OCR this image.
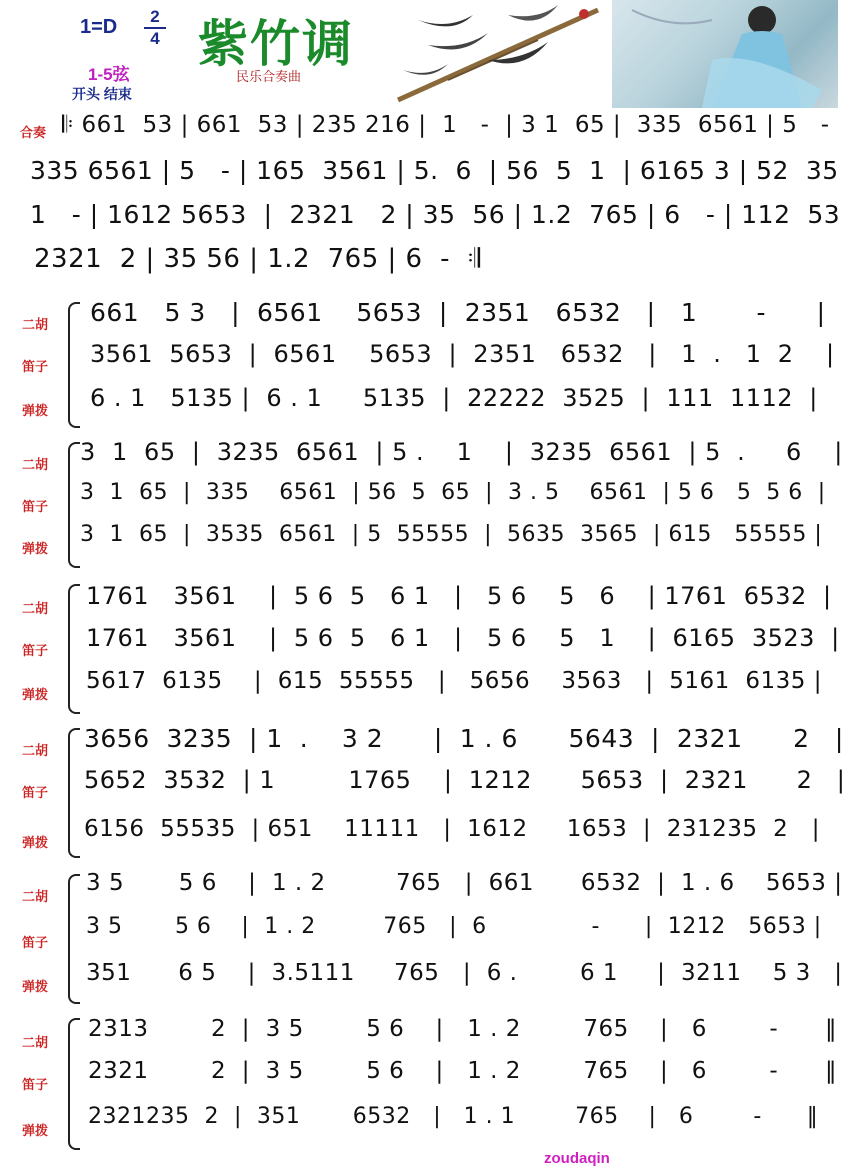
1=D	2
4 紫竹调
1-5弦
开头 结束
民乐合奏曲
合奏 𝄆 661  53 | 661  53 | 235 216 |  1   -  | 3 1  65 |  335  6561 | 5   -
335 6561 | 5   - | 165  3561 | 5.  6  | 56  5  1  | 6165 3 | 52  35
1   - | 1612 5653  |  2321   2 | 35  56 | 1.2  765 | 6   - | 112  53
2321  2 | 35 56 | 1.2  765 | 6  -  𝄇
二胡 661   5 3   |  6561    5653  |  2351   6532   |   1       -      |
笛子 3561  5653  |  6561    5653  |  2351   6532   |   1  .   1  2    |
弹拨 6 . 1   5135 |  6 . 1     5135  |  22222  3525  |  111  1112  |
二胡 3  1  65  |  3235  6561  | 5 .    1    |  3235  6561  | 5  .     6    |
笛子
3  1  65  |  335    6561  | 56  5  65  |  3 . 5    6561  | 5 6   5  5 6  |
弹拨
3  1  65  |  3535  6561  | 5  55555  |  5635  3565  | 615   55555 |
二胡 1761   3561    |  5 6  5   6 1   |   5 6    5   6    | 1761  6532  |
笛子 1761   3561    |  5 6  5   6 1   |   5 6    5   1    |  6165  3523  |
弹拨
5617  6135    |  615  55555   |   5656    3563   |  5161  6135 |
二胡 3656  3235  | 1  .    3 2      |  1 . 6      5643  |  2321      2   |
笛子 5652  3532  | 1         1765    |  1212      5653  |  2321      2   |
弹拨
6156  55535  | 651    11111   |  1612     1653  |  231235  2   |
二胡
3 5       5 6    |  1 . 2         765   |  661      6532  |  1 . 6    5653 |
笛子
3 5       5 6    |  1 . 2         765   |  6              -      |  1212   5653 |
弹拨
351      6 5    |  3.5111     765   |  6 .        6 1     |  3211    5 3   |
二胡
2313        2  |  3 5        5 6    |   1 . 2        765    |   6        -      ‖
笛子
2321        2  |  3 5        5 6    |   1 . 2        765    |   6        -      ‖
弹拨
2321235  2  |  351       6532   |   1 . 1        765    |   6        -      ‖
zoudaqin
